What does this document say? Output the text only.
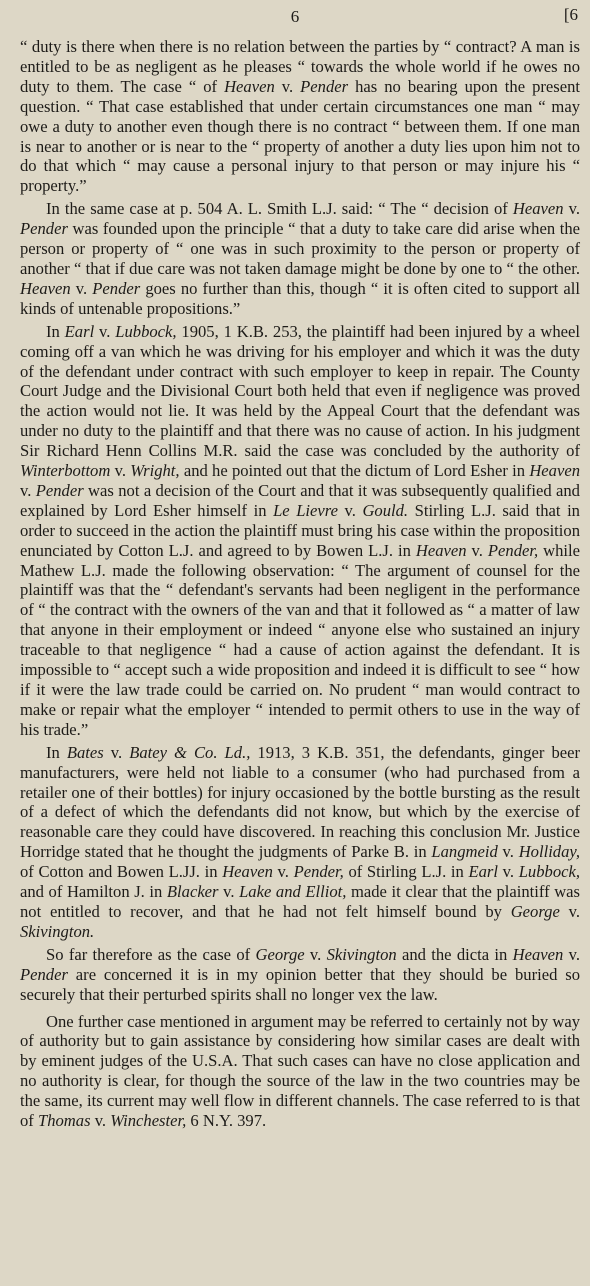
6	[6

“ duty is there when there is no relation between the parties by “ contract? A man is entitled to be as negligent as he pleases “ towards the whole world if he owes no duty to them. The case “ of Heaven v. Pender has no bearing upon the present question. “ That case established that under certain circumstances one man “ may owe a duty to another even though there is no contract “ between them. If one man is near to another or is near to the “ property of another a duty lies upon him not to do that which “ may cause a personal injury to that person or may injure his “ property.”

In the same case at p. 504 A. L. Smith L.J. said: “ The “ decision of Heaven v. Pender was founded upon the principle “ that a duty to take care did arise when the person or property of “ one was in such proximity to the person or property of another “ that if due care was not taken damage might be done by one to “ the other. Heaven v. Pender goes no further than this, though “ it is often cited to support all kinds of untenable propositions.”

In Earl v. Lubbock, 1905, 1 K.B. 253, the plaintiff had been injured by a wheel coming off a van which he was driving for his employer and which it was the duty of the defendant under contract with such employer to keep in repair. The County Court Judge and the Divisional Court both held that even if negligence was proved the action would not lie. It was held by the Appeal Court that the defendant was under no duty to the plaintiff and that there was no cause of action. In his judgment Sir Richard Henn Collins M.R. said the case was concluded by the authority of Winterbottom v. Wright, and he pointed out that the dictum of Lord Esher in Heaven v. Pender was not a decision of the Court and that it was subsequently qualified and explained by Lord Esher himself in Le Lievre v. Gould. Stirling L.J. said that in order to succeed in the action the plaintiff must bring his case within the proposition enunciated by Cotton L.J. and agreed to by Bowen L.J. in Heaven v. Pender, while Mathew L.J. made the following observation: “ The argument of counsel for the plaintiff was that the “ defendant's servants had been negligent in the performance of “ the contract with the owners of the van and that it followed as “ a matter of law that anyone in their employment or indeed “ anyone else who sustained an injury traceable to that negligence “ had a cause of action against the defendant. It is impossible to “ accept such a wide proposition and indeed it is difficult to see “ how if it were the law trade could be carried on. No prudent “ man would contract to make or repair what the employer “ intended to permit others to use in the way of his trade.”

In Bates v. Batey & Co. Ld., 1913, 3 K.B. 351, the defendants, ginger beer manufacturers, were held not liable to a consumer (who had purchased from a retailer one of their bottles) for injury occasioned by the bottle bursting as the result of a defect of which the defendants did not know, but which by the exercise of reasonable care they could have discovered. In reaching this conclusion Mr. Justice Horridge stated that he thought the judgments of Parke B. in Langmeid v. Holliday, of Cotton and Bowen L.JJ. in Heaven v. Pender, of Stirling L.J. in Earl v. Lubbock, and of Hamilton J. in Blacker v. Lake and Elliot, made it clear that the plaintiff was not entitled to recover, and that he had not felt himself bound by George v. Skivington.

So far therefore as the case of George v. Skivington and the dicta in Heaven v. Pender are concerned it is in my opinion better that they should be buried so securely that their perturbed spirits shall no longer vex the law.

One further case mentioned in argument may be referred to certainly not by way of authority but to gain assistance by considering how similar cases are dealt with by eminent judges of the U.S.A. That such cases can have no close application and no authority is clear, for though the source of the law in the two countries may be the same, its current may well flow in different channels. The case referred to is that of Thomas v. Winchester, 6 N.Y. 397.
